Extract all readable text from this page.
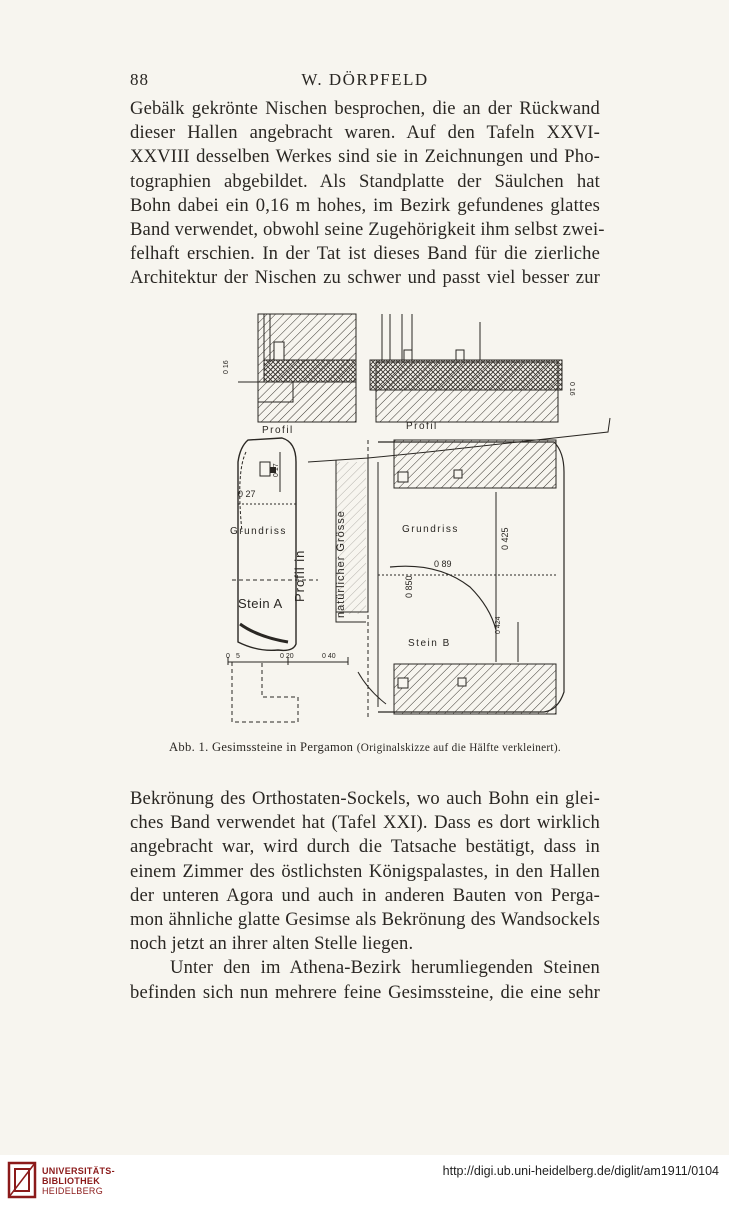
88	W. DÖRPFELD
Gebälk gekrönte Nischen besprochen, die an der Rückwand
dieser Hallen angebracht waren. Auf den Tafeln XXVI-
XXVIII desselben Werkes sind sie in Zeichnungen und Pho-
tographien abgebildet. Als Standplatte der Säulchen hat
Bohn dabei ein 0,16 m hohes, im Bezirk gefundenes glattes
Band verwendet, obwohl seine Zugehörigkeit ihm selbst zwei-
felhaft erschien. In der Tat ist dieses Band für die zierliche
Architektur der Nischen zu schwer und passt viel besser zur
0 16
Profil
0 27
0 17
Grundriss
Stein A
0 5	0 20	0 40
Profil in	natürlicher Grösse
0 16
Profil
Grundriss
0 89
0 425
0 850
0 424
Stein B
Abb. 1. Gesimssteine in Pergamon (Originalskizze auf die Hälfte verkleinert).
Bekrönung des Orthostaten-Sockels, wo auch Bohn ein glei-
ches Band verwendet hat (Tafel XXI). Dass es dort wirklich
angebracht war, wird durch die Tatsache bestätigt, dass in
einem Zimmer des östlichsten Königspalastes, in den Hallen
der unteren Agora und auch in anderen Bauten von Perga-
mon ähnliche glatte Gesimse als Bekrönung des Wandsockels
noch jetzt an ihrer alten Stelle liegen.
Unter den im Athena-Bezirk herumliegenden Steinen
befinden sich nun mehrere feine Gesimssteine, die eine sehr
UNIVERSITÄTS-
BIBLIOTHEK
HEIDELBERG
http://digi.ub.uni-heidelberg.de/diglit/am1911/0104
